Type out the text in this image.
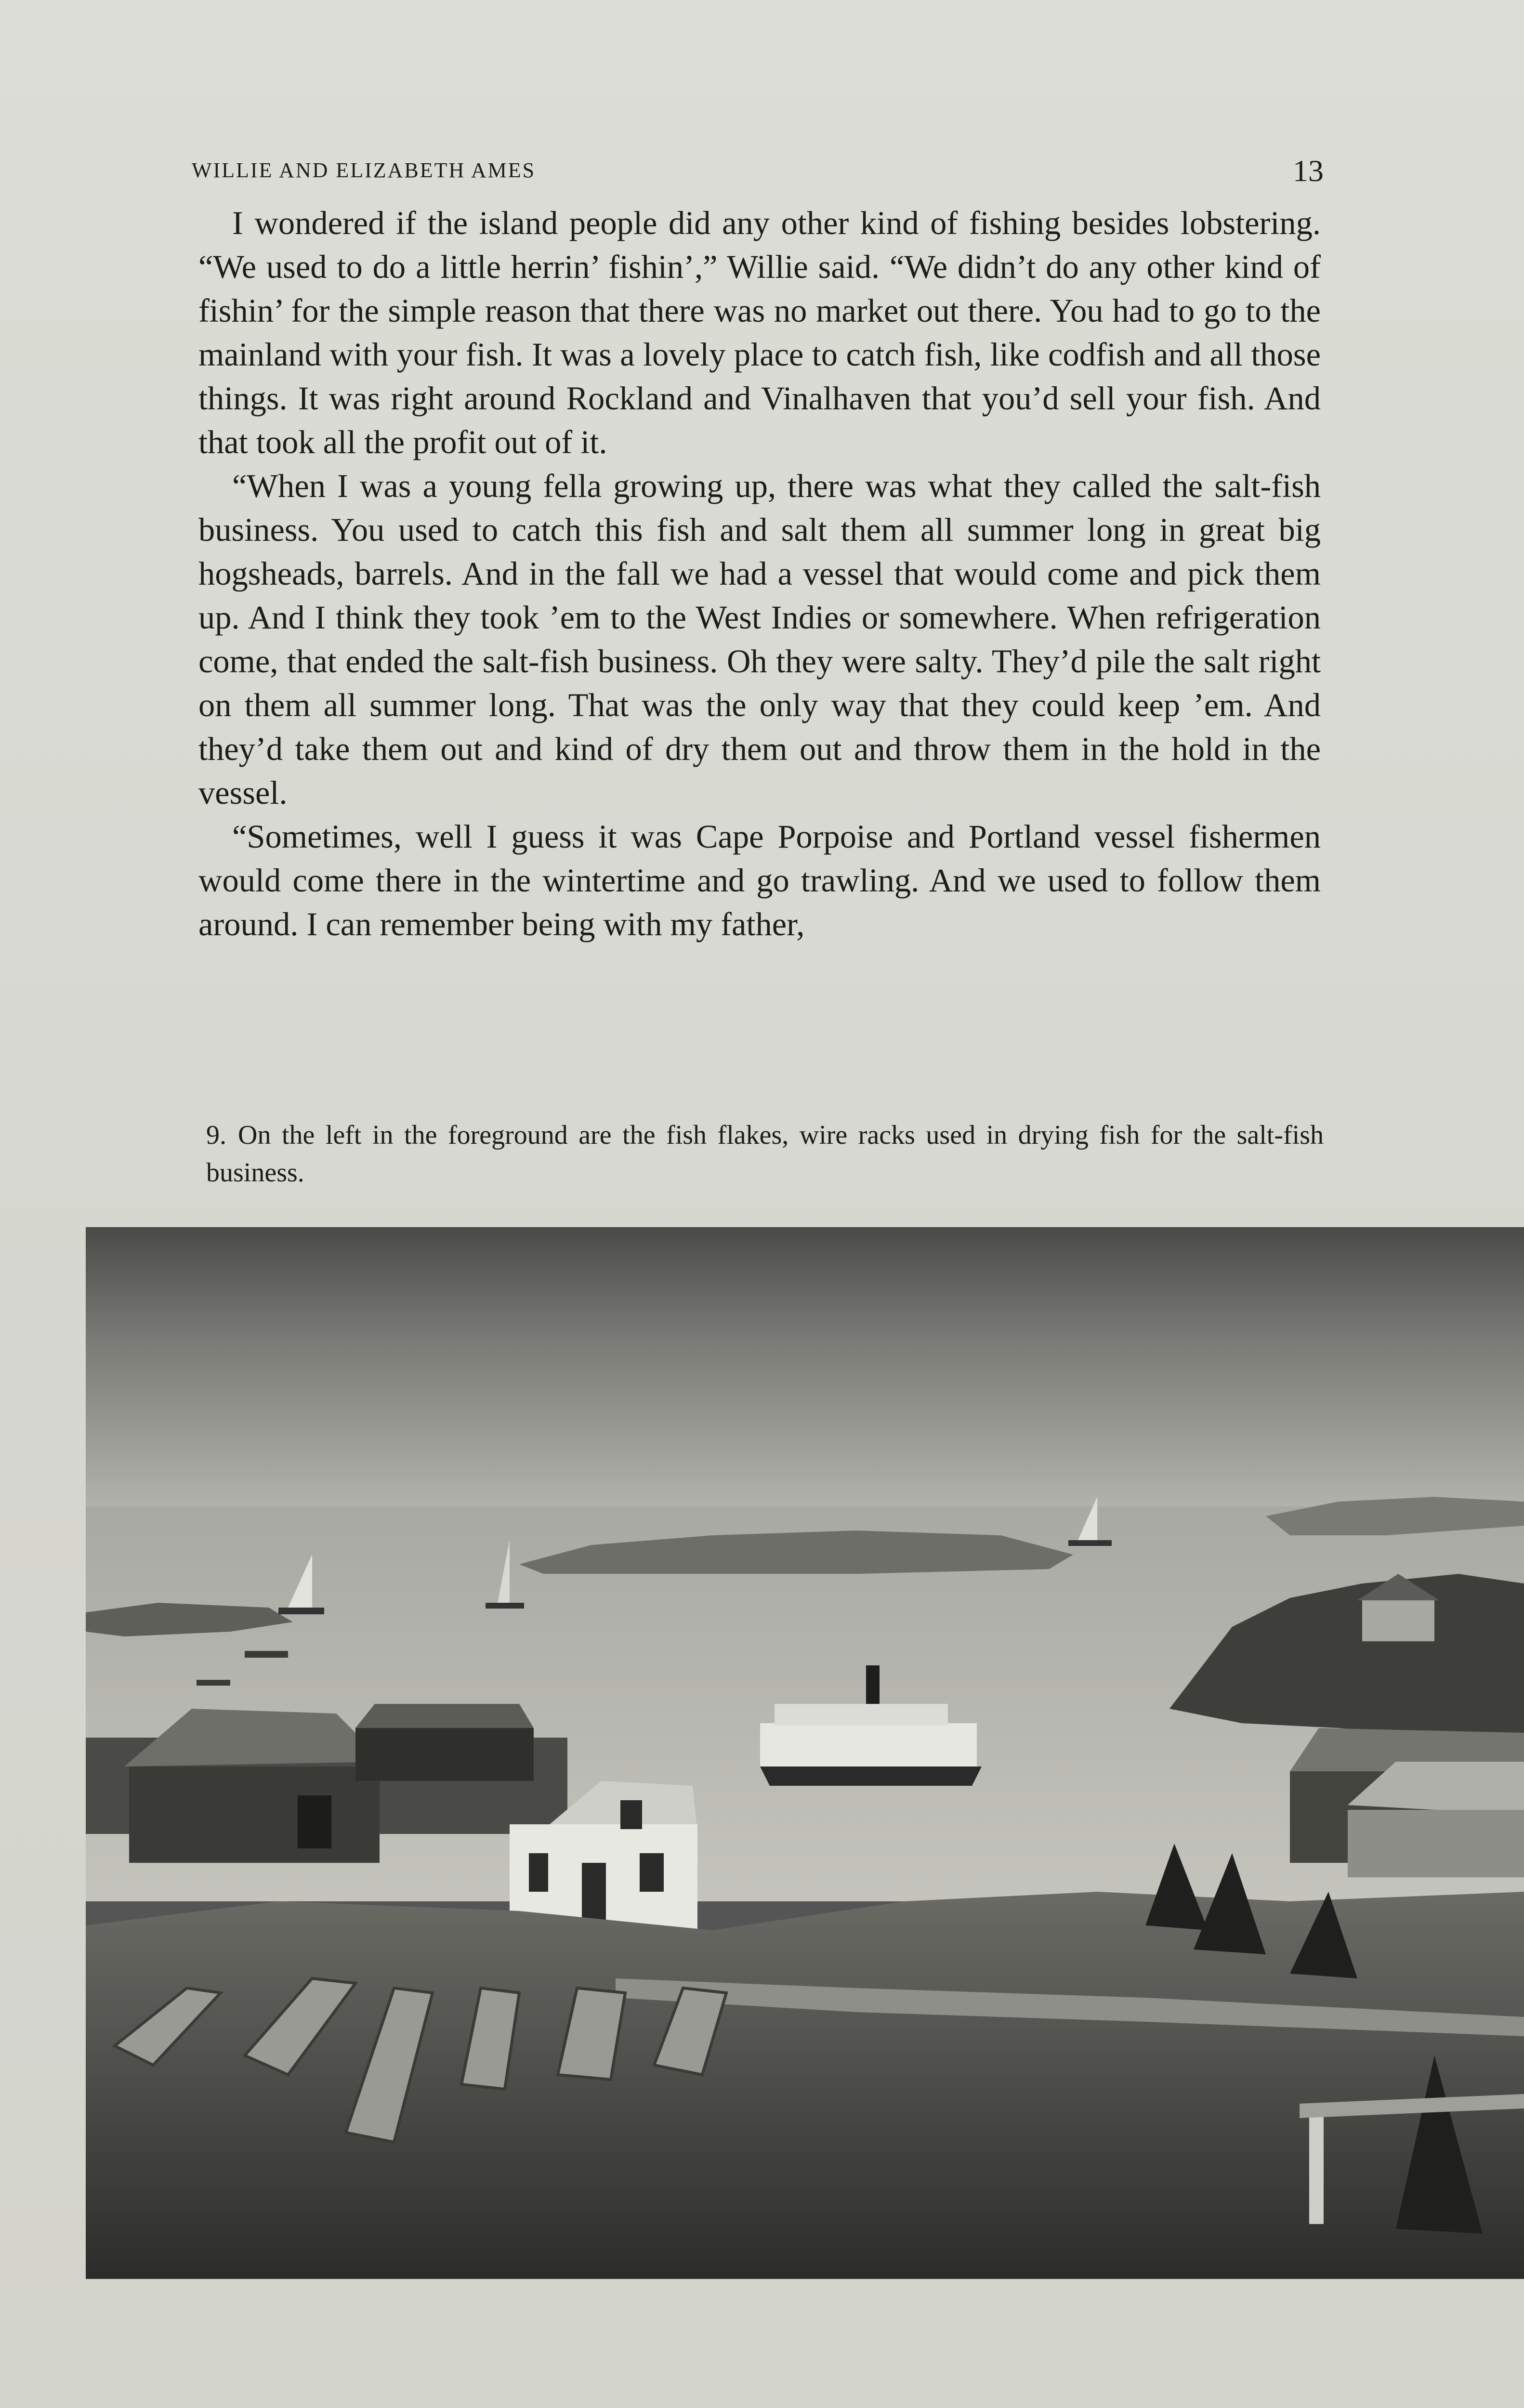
WILLIE AND ELIZABETH AMES	13

I wondered if the island people did any other kind of fishing besides lobstering. “We used to do a little herrin’ fishin’,” Willie said. “We didn’t do any other kind of fishin’ for the simple reason that there was no market out there. You had to go to the mainland with your fish. It was a lovely place to catch fish, like codfish and all those things. It was right around Rockland and Vinalhaven that you’d sell your fish. And that took all the profit out of it.

“When I was a young fella growing up, there was what they called the salt-fish business. You used to catch this fish and salt them all summer long in great big hogsheads, barrels. And in the fall we had a vessel that would come and pick them up. And I think they took ’em to the West Indies or somewhere. When refrigeration come, that ended the salt-fish business. Oh they were salty. They’d pile the salt right on them all summer long. That was the only way that they could keep ’em. And they’d take them out and kind of dry them out and throw them in the hold in the vessel.

“Sometimes, well I guess it was Cape Porpoise and Portland vessel fishermen would come there in the wintertime and go trawling. And we used to follow them around. I can remember being with my father,

9. On the left in the foreground are the fish flakes, wire racks used in drying fish for the salt-fish business.
